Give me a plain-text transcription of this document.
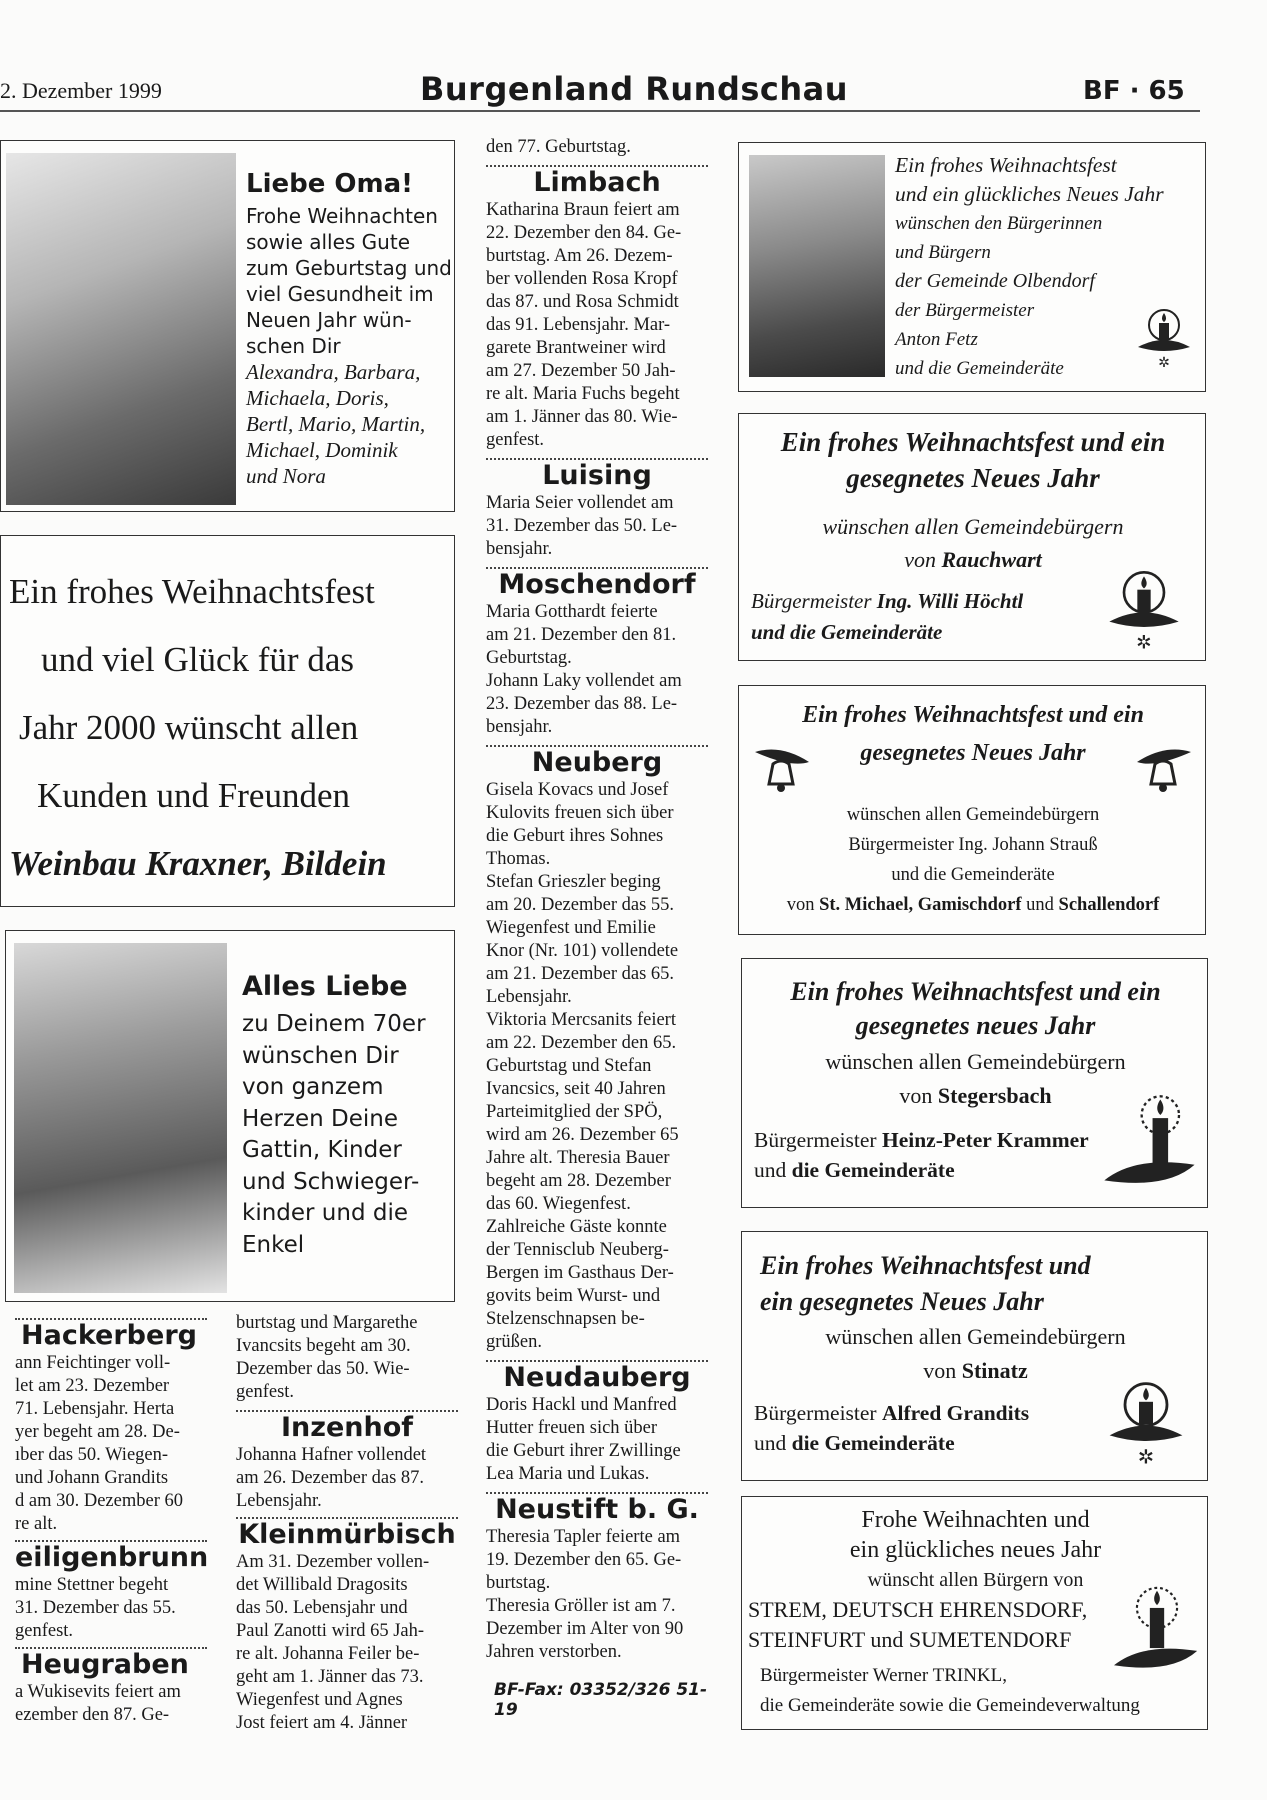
2. Dezember 1999	Burgenland Rundschau	BF · 65
Liebe Oma!
Frohe Weihnachten
sowie alles Gute
zum Geburtstag und
viel Gesundheit im
Neuen Jahr wün-
schen Dir
Alexandra, Barbara,
Michaela, Doris,
Bertl, Mario, Martin,
Michael, Dominik
und Nora
Ein frohes Weihnachtsfest
und viel Glück für das
Jahr 2000 wünscht allen
Kunden und Freunden
Weinbau Kraxner, Bildein
Alles Liebe
zu Deinem 70er
wünschen Dir
von ganzem
Herzen Deine
Gattin, Kinder
und Schwieger-
kinder und die
Enkel
Hackerberg
ann Feichtinger voll-
let am 23. Dezember
71. Lebensjahr. Herta
yer begeht am 28. De-
ıber das 50. Wiegen-
und Johann Grandits
d am 30. Dezember 60
re alt.
eiligenbrunn
mine Stettner begeht
31. Dezember das 55.
genfest.
Heugraben
a Wukisevits feiert am
ezember den 87. Ge-
burtstag und Margarethe
Ivancsits begeht am 30.
Dezember das 50. Wie-
genfest.
Inzenhof
Johanna Hafner vollendet
am 26. Dezember das 87.
Lebensjahr.
Kleinmürbisch
Am 31. Dezember vollen-
det Willibald Dragosits
das 50. Lebensjahr und
Paul Zanotti wird 65 Jah-
re alt. Johanna Feiler be-
geht am 1. Jänner das 73.
Wiegenfest und Agnes
Jost feiert am 4. Jänner
den 77. Geburtstag.
Limbach
Katharina Braun feiert am
22. Dezember den 84. Ge-
burtstag. Am 26. Dezem-
ber vollenden Rosa Kropf
das 87. und Rosa Schmidt
das 91. Lebensjahr. Mar-
garete Brantweiner wird
am 27. Dezember 50 Jah-
re alt. Maria Fuchs begeht
am 1. Jänner das 80. Wie-
genfest.
Luising
Maria Seier vollendet am
31. Dezember das 50. Le-
bensjahr.
Moschendorf
Maria Gotthardt feierte
am 21. Dezember den 81.
Geburtstag.
Johann Laky vollendet am
23. Dezember das 88. Le-
bensjahr.
Neuberg
Gisela Kovacs und Josef
Kulovits freuen sich über
die Geburt ihres Sohnes
Thomas.
Stefan Grieszler beging
am 20. Dezember das 55.
Wiegenfest und Emilie
Knor (Nr. 101) vollendete
am 21. Dezember das 65.
Lebensjahr.
Viktoria Mercsanits feiert
am 22. Dezember den 65.
Geburtstag und Stefan
Ivancsics, seit 40 Jahren
Parteimitglied der SPÖ,
wird am 26. Dezember 65
Jahre alt. Theresia Bauer
begeht am 28. Dezember
das 60. Wiegenfest.
Zahlreiche Gäste konnte
der Tennisclub Neuberg-
Bergen im Gasthaus Der-
govits beim Wurst- und
Stelzenschnapsen be-
grüßen.
Neudauberg
Doris Hackl und Manfred
Hutter freuen sich über
die Geburt ihrer Zwillinge
Lea Maria und Lukas.
Neustift b. G.
Theresia Tapler feierte am
19. Dezember den 65. Ge-
burtstag.
Theresia Gröller ist am 7.
Dezember im Alter von 90
Jahren verstorben.
BF-Fax: 03352/326 51-19
Ein frohes Weihnachtsfest
und ein glückliches Neues Jahr
wünschen den Bürgerinnen
und Bürgern
der Gemeinde Olbendorf
der Bürgermeister
Anton Fetz
und die Gemeinderäte	✲
Ein frohes Weihnachtsfest und ein
gesegnetes Neues Jahr
wünschen allen Gemeindebürgern
von Rauchwart
Bürgermeister Ing. Willi Höchtl
und die Gemeinderäte	✲
Ein frohes Weihnachtsfest und ein
gesegnetes Neues Jahr
wünschen allen Gemeindebürgern
Bürgermeister Ing. Johann Strauß
und die Gemeinderäte
von St. Michael, Gamischdorf und Schallendorf
Ein frohes Weihnachtsfest und ein
gesegnetes neues Jahr
wünschen allen Gemeindebürgern
von Stegersbach
Bürgermeister Heinz-Peter Krammer
und die Gemeinderäte
Ein frohes Weihnachtsfest und
ein gesegnetes Neues Jahr
wünschen allen Gemeindebürgern
von Stinatz
Bürgermeister Alfred Grandits
und die Gemeinderäte
✲
Frohe Weihnachten und
ein glückliches neues Jahr
wünscht allen Bürgern von
STREM, DEUTSCH EHRENSDORF,
STEINFURT und SUMETENDORF
Bürgermeister Werner TRINKL,
die Gemeinderäte sowie die Gemeindeverwaltung
